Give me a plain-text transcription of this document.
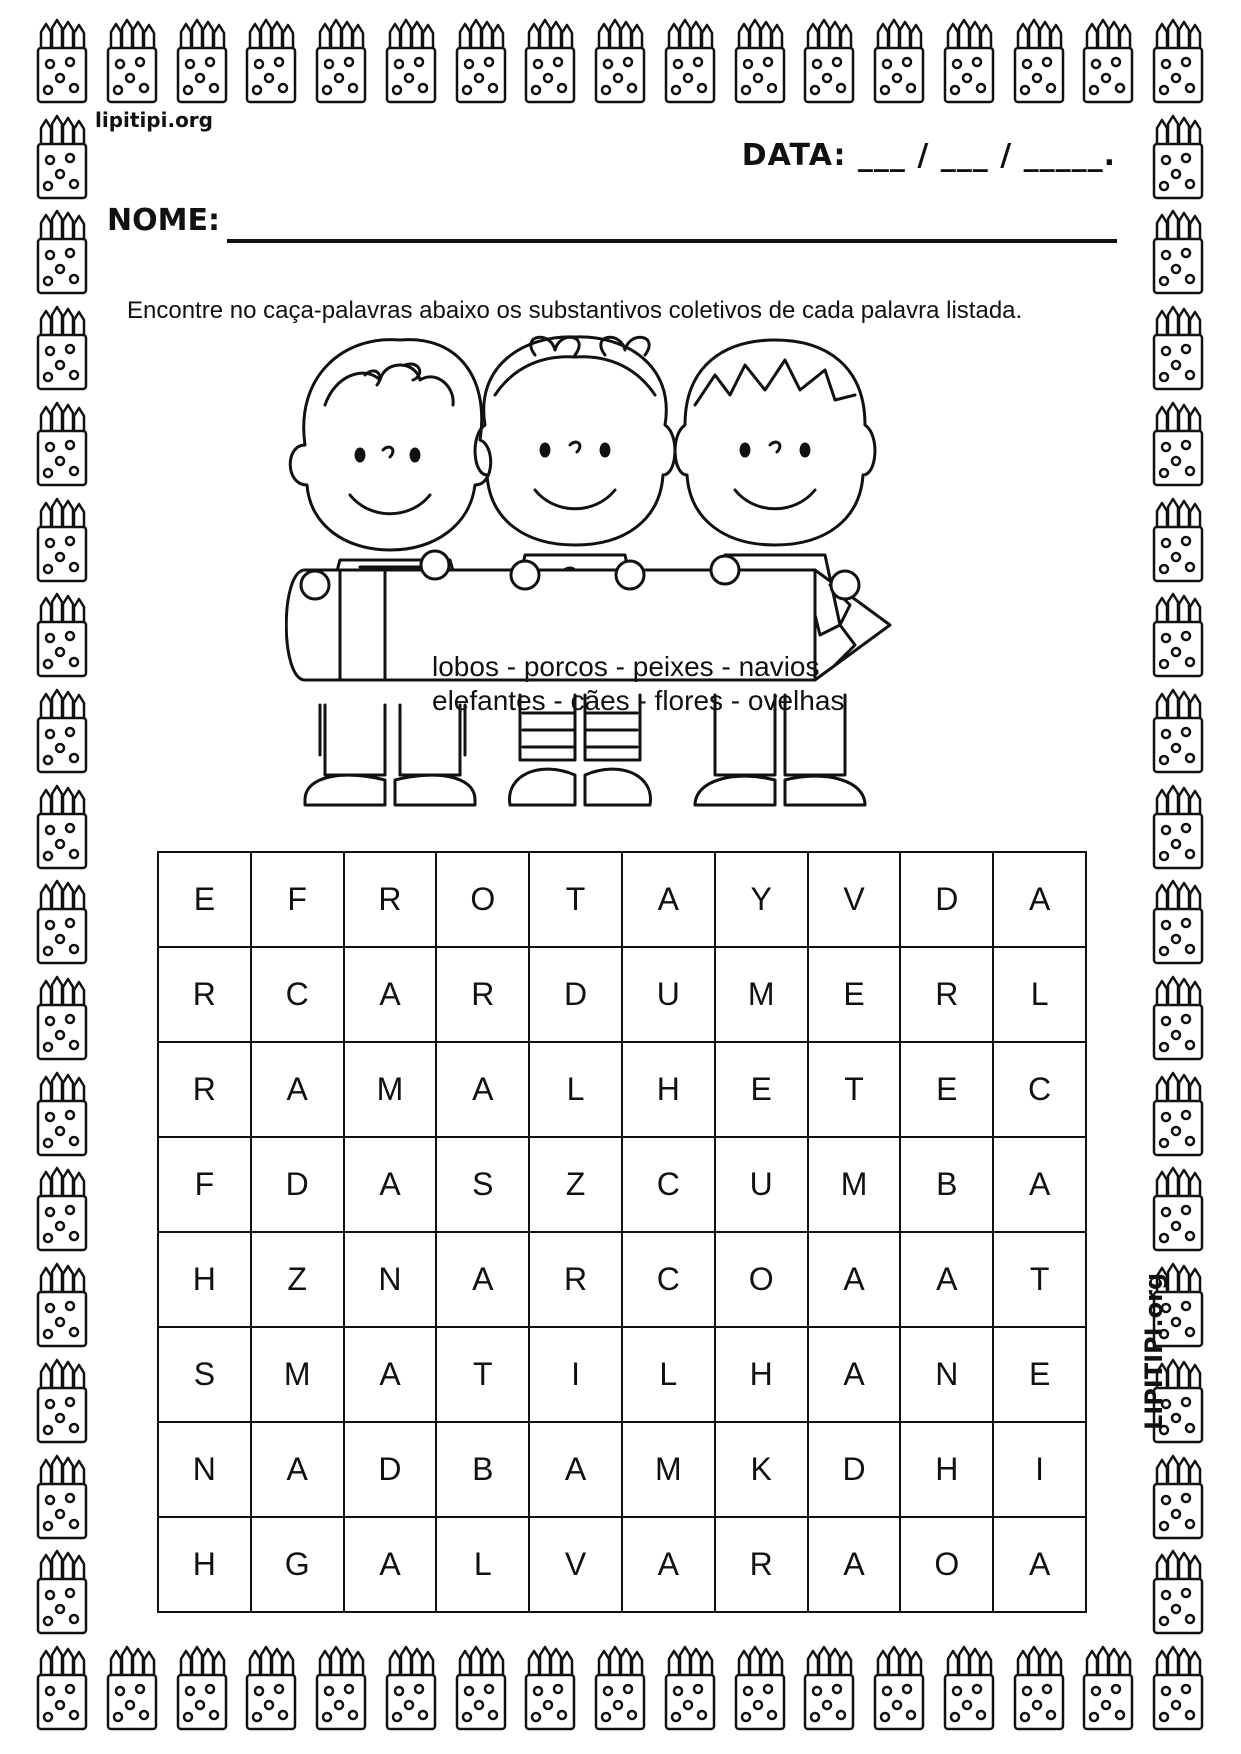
lipitipi.org
LIPITIPI.org
DATA: ___ / ___ / _____.
NOME:
Encontre no caça-palavras abaixo os substantivos coletivos de cada palavra listada.
lobos - porcos - peixes - navios
elefantes - cães - flores - ovelhas
E	F	R	O	T	A	Y	V	D	A
R	C	A	R	D	U	M	E	R	L
R	A	M	A	L	H	E	T	E	C
F	D	A	S	Z	C	U	M	B	A
H	Z	N	A	R	C	O	A	A	T
S	M	A	T	I	L	H	A	N	E
N	A	D	B	A	M	K	D	H	I
H	G	A	L	V	A	R	A	O	A
